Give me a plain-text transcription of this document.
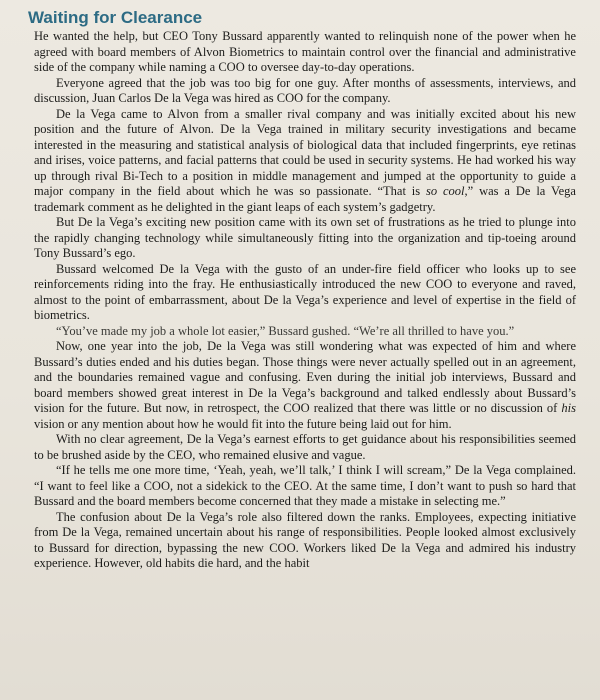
Waiting for Clearance

He wanted the help, but CEO Tony Bussard apparently wanted to relinquish none of the power when he agreed with board members of Alvon Biometrics to maintain control over the financial and administrative side of the company while naming a COO to oversee day-to-day operations.

Everyone agreed that the job was too big for one guy. After months of assessments, interviews, and discussion, Juan Carlos De la Vega was hired as COO for the company.

De la Vega came to Alvon from a smaller rival company and was initially excited about his new position and the future of Alvon. De la Vega trained in military security investigations and became interested in the measuring and statistical analysis of biological data that included fingerprints, eye retinas and irises, voice patterns, and facial patterns that could be used in security systems. He had worked his way up through rival Bi-Tech to a position in middle management and jumped at the opportunity to guide a major company in the field about which he was so passionate. “That is so cool,” was a De la Vega trademark comment as he delighted in the giant leaps of each system’s gadgetry.

But De la Vega’s exciting new position came with its own set of frustrations as he tried to plunge into the rapidly changing technology while simultaneously fitting into the organization and tip-toeing around Tony Bussard’s ego.

Bussard welcomed De la Vega with the gusto of an under-fire field officer who looks up to see reinforcements riding into the fray. He enthusiastically introduced the new COO to everyone and raved, almost to the point of embarrassment, about De la Vega’s experience and level of expertise in the field of biometrics.

“You’ve made my job a whole lot easier,” Bussard gushed. “We’re all thrilled to have you.”

Now, one year into the job, De la Vega was still wondering what was expected of him and where Bussard’s duties ended and his duties began. Those things were never actually spelled out in an agreement, and the boundaries remained vague and confusing. Even during the initial job interviews, Bussard and board members showed great interest in De la Vega’s background and talked endlessly about Bussard’s vision for the future. But now, in retrospect, the COO realized that there was little or no discussion of his vision or any mention about how he would fit into the future being laid out for him.

With no clear agreement, De la Vega’s earnest efforts to get guidance about his responsibilities seemed to be brushed aside by the CEO, who remained elusive and vague.

“If he tells me one more time, ‘Yeah, yeah, we’ll talk,’ I think I will scream,” De la Vega complained. “I want to feel like a COO, not a sidekick to the CEO. At the same time, I don’t want to push so hard that Bussard and the board members become concerned that they made a mistake in selecting me.”

The confusion about De la Vega’s role also filtered down the ranks. Employees, expecting initiative from De la Vega, remained uncertain about his range of responsibilities. People looked almost exclusively to Bussard for direction, bypassing the new COO. Workers liked De la Vega and admired his industry experience. However, old habits die hard, and the habit
